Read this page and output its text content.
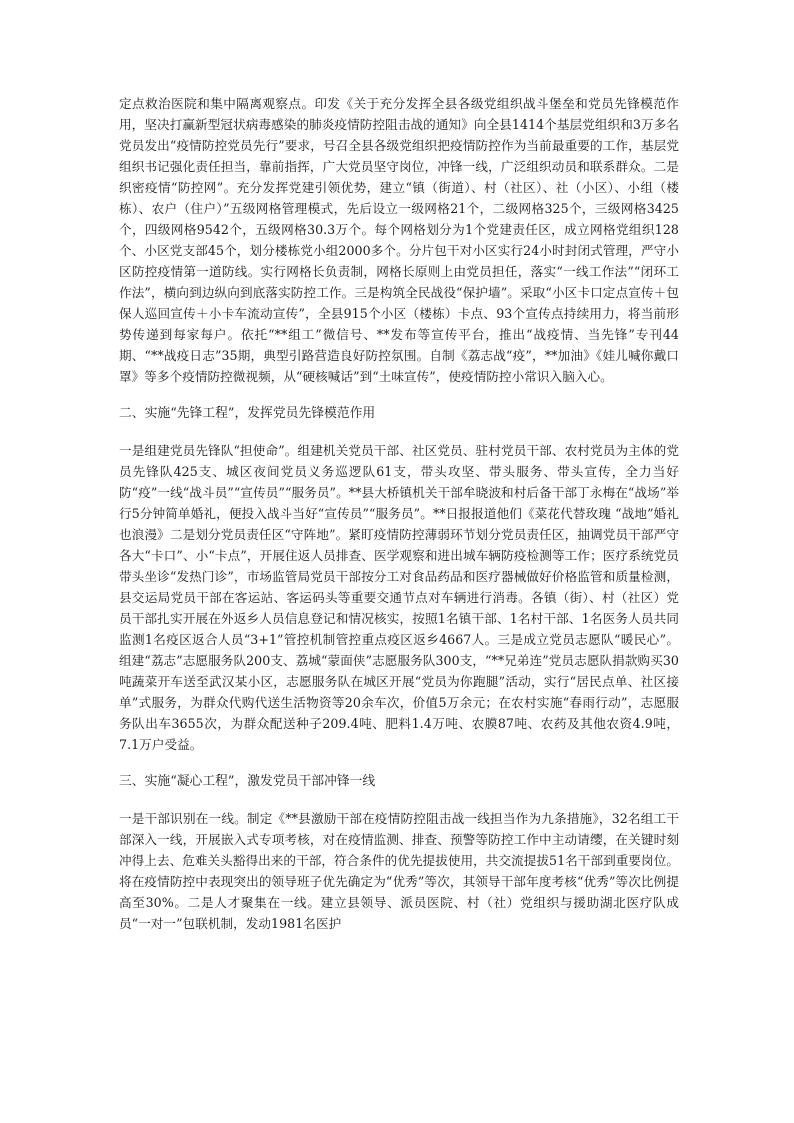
定点救治医院和集中隔离观察点。印发《关于充分发挥全县各级党组织战斗堡垒和党员先锋模范作用，坚决打赢新型冠状病毒感染的肺炎疫情防控阻击战的通知》向全县1414个基层党组织和3万多名党员发出“疫情防控党员先行”要求，号召全县各级党组织把疫情防控作为当前最重要的工作，基层党组织书记强化责任担当，靠前指挥，广大党员坚守岗位，冲锋一线，广泛组织动员和联系群众。二是织密疫情“防控网”。充分发挥党建引领优势，建立“镇（街道）、村（社区）、社（小区）、小组（楼栋）、农户（住户）”五级网格管理模式，先后设立一级网格21个，二级网格325个，三级网格3425个，四级网格9542个，五级网格30.3万个。每个网格划分为1个党建责任区，成立网格党组织128个、小区党支部45个，划分楼栋党小组2000多个。分片包干对小区实行24小时封闭式管理，严守小区防控疫情第一道防线。实行网格长负责制，网格长原则上由党员担任，落实“一线工作法”“闭环工作法”，横向到边纵向到底落实防控工作。三是构筑全民战役“保护墙”。采取“小区卡口定点宣传＋包保人巡回宣传＋小卡车流动宣传”，全县915个小区（楼栋）卡点、93个宣传点持续用力，将当前形势传递到每家每户。依托“**组工”微信号、**发布等宣传平台，推出“战疫情、当先锋”专刊44期、“**战疫日志”35期，典型引路营造良好防控氛围。自制《荔志战“疫”，**加油》《娃儿喊你戴口罩》等多个疫情防控微视频，从“硬核喊话”到“土味宣传”，使疫情防控小常识入脑入心。

二、实施“先锋工程”，发挥党员先锋模范作用

一是组建党员先锋队“担使命”。组建机关党员干部、社区党员、驻村党员干部、农村党员为主体的党员先锋队425支、城区夜间党员义务巡逻队61支，带头攻坚、带头服务、带头宣传，全力当好防“疫”一线“战斗员”“宣传员”“服务员”。**县大桥镇机关干部牟晓波和村后备干部丁永梅在“战场”举行5分钟简单婚礼，便投入战斗当好“宣传员”“服务员”。**日报报道他们《菜花代替玫瑰 “战地”婚礼也浪漫》二是划分党员责任区“守阵地”。紧盯疫情防控薄弱环节划分党员责任区，抽调党员干部严守各大“卡口”、小“卡点”，开展住返人员排查、医学观察和进出城车辆防疫检测等工作；医疗系统党员带头坐诊“发热门诊”，市场监管局党员干部按分工对食品药品和医疗器械做好价格监管和质量检测，县交运局党员干部在客运站、客运码头等重要交通节点对车辆进行消毒。各镇（街）、村（社区）党员干部扎实开展在外返乡人员信息登记和情况核实，按照1名镇干部、1名村干部、1名医务人员共同监测1名疫区返合人员“3+1”管控机制管控重点疫区返乡4667人。三是成立党员志愿队“暖民心”。组建“荔志”志愿服务队200支、荔城“蒙面侠”志愿服务队300支，“**兄弟连”党员志愿队捐款购买30吨蔬菜开车送至武汉某小区，志愿服务队在城区开展“党员为你跑腿”活动，实行“居民点单、社区接单”式服务，为群众代购代送生活物资等20余车次，价值5万余元；在农村实施“春雨行动”，志愿服务队出车3655次，为群众配送种子209.4吨、肥料1.4万吨、农膜87吨、农药及其他农资4.9吨，7.1万户受益。

三、实施“凝心工程”，激发党员干部冲锋一线

一是干部识别在一线。制定《**县激励干部在疫情防控阻击战一线担当作为九条措施》，32名组工干部深入一线，开展嵌入式专项考核，对在疫情监测、排查、预警等防控工作中主动请缨，在关键时刻冲得上去、危难关头豁得出来的干部，符合条件的优先提拔使用，共交流提拔51名干部到重要岗位。将在疫情防控中表现突出的领导班子优先确定为“优秀”等次，其领导干部年度考核“优秀”等次比例提高至30%。二是人才聚集在一线。建立县领导、派员医院、村（社）党组织与援助湖北医疗队成员“一对一”包联机制，发动1981名医护
